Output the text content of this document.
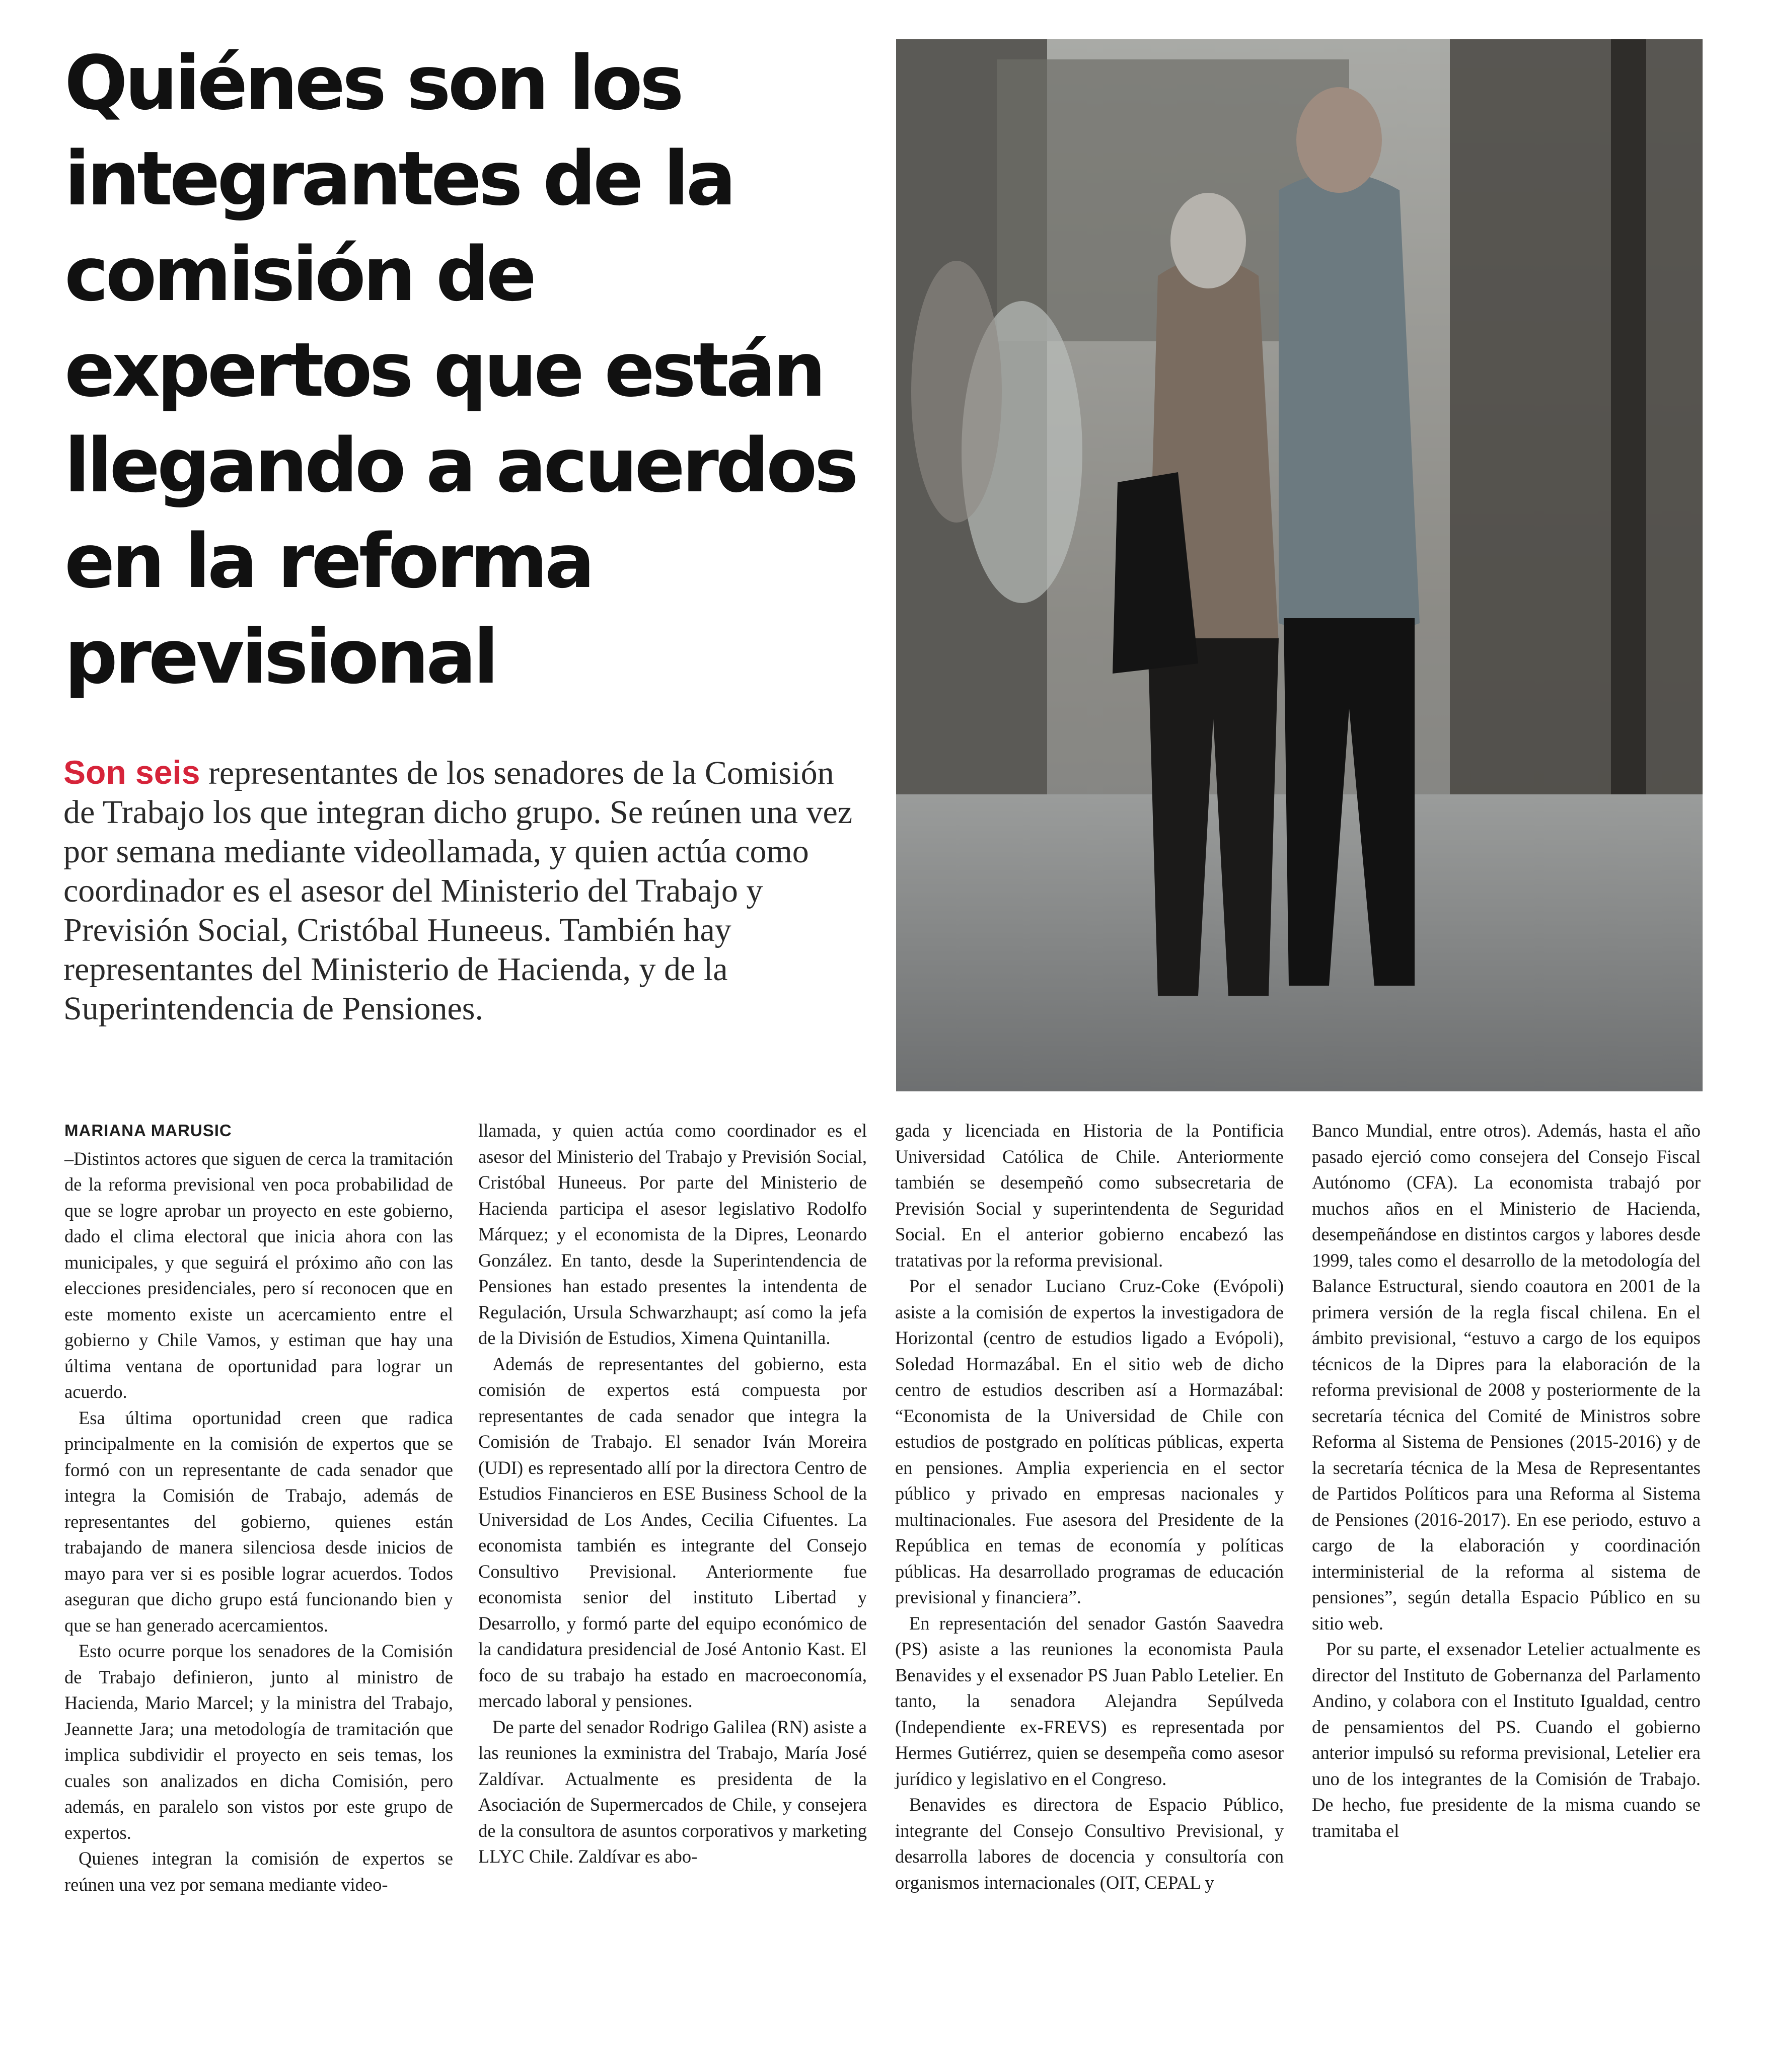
Quiénes son los
integrantes de la
comisión de
expertos que están
llegando a acuerdos
en la reforma
previsional

Son seis representantes de los senadores de la Comisión de Trabajo los que integran dicho grupo. Se reúnen una vez por semana mediante videollamada, y quien actúa como coordinador es el asesor del Ministerio del Trabajo y Previsión Social, Cristóbal Huneeus. También hay representantes del Ministerio de Hacienda, y de la Superintendencia de Pensiones.

MARIANA MARUSIC

–Distintos actores que siguen de cerca la tramitación de la reforma previsional ven poca probabilidad de que se logre aprobar un proyecto en este gobierno, dado el clima electoral que inicia ahora con las municipales, y que seguirá el próximo año con las elecciones presidenciales, pero sí reconocen que en este momento existe un acercamiento entre el gobierno y Chile Vamos, y estiman que hay una última ventana de oportunidad para lograr un acuerdo.

Esa última oportunidad creen que radica principalmente en la comisión de expertos que se formó con un representante de cada senador que integra la Comisión de Trabajo, además de representantes del gobierno, quienes están trabajando de manera silenciosa desde inicios de mayo para ver si es posible lograr acuerdos. Todos aseguran que dicho grupo está funcionando bien y que se han generado acercamientos.

Esto ocurre porque los senadores de la Comisión de Trabajo definieron, junto al ministro de Hacienda, Mario Marcel; y la ministra del Trabajo, Jeannette Jara; una metodología de tramitación que implica subdividir el proyecto en seis temas, los cuales son analizados en dicha Comisión, pero además, en paralelo son vistos por este grupo de expertos.

Quienes integran la comisión de expertos se reúnen una vez por semana mediante video-

llamada, y quien actúa como coordinador es el asesor del Ministerio del Trabajo y Previsión Social, Cristóbal Huneeus. Por parte del Ministerio de Hacienda participa el asesor legislativo Rodolfo Márquez; y el economista de la Dipres, Leonardo González. En tanto, desde la Superintendencia de Pensiones han estado presentes la intendenta de Regulación, Ursula Schwarzhaupt; así como la jefa de la División de Estudios, Ximena Quintanilla.

Además de representantes del gobierno, esta comisión de expertos está compuesta por representantes de cada senador que integra la Comisión de Trabajo. El senador Iván Moreira (UDI) es representado allí por la directora Centro de Estudios Financieros en ESE Business School de la Universidad de Los Andes, Cecilia Cifuentes. La economista también es integrante del Consejo Consultivo Previsional. Anteriormente fue economista senior del instituto Libertad y Desarrollo, y formó parte del equipo económico de la candidatura presidencial de José Antonio Kast. El foco de su trabajo ha estado en macroeconomía, mercado laboral y pensiones.

De parte del senador Rodrigo Galilea (RN) asiste a las reuniones la exministra del Trabajo, María José Zaldívar. Actualmente es presidenta de la Asociación de Supermercados de Chile, y consejera de la consultora de asuntos corporativos y marketing LLYC Chile. Zaldívar es abo-

gada y licenciada en Historia de la Pontificia Universidad Católica de Chile. Anteriormente también se desempeñó como subsecretaria de Previsión Social y superintendenta de Seguridad Social. En el anterior gobierno encabezó las tratativas por la reforma previsional.

Por el senador Luciano Cruz-Coke (Evópoli) asiste a la comisión de expertos la investigadora de Horizontal (centro de estudios ligado a Evópoli), Soledad Hormazábal. En el sitio web de dicho centro de estudios describen así a Hormazábal: “Economista de la Universidad de Chile con estudios de postgrado en políticas públicas, experta en pensiones. Amplia experiencia en el sector público y privado en empresas nacionales y multinacionales. Fue asesora del Presidente de la República en temas de economía y políticas públicas. Ha desarrollado programas de educación previsional y financiera”.

En representación del senador Gastón Saavedra (PS) asiste a las reuniones la economista Paula Benavides y el exsenador PS Juan Pablo Letelier. En tanto, la senadora Alejandra Sepúlveda (Independiente ex-FREVS) es representada por Hermes Gutiérrez, quien se desempeña como asesor jurídico y legislativo en el Congreso.

Benavides es directora de Espacio Público, integrante del Consejo Consultivo Previsional, y desarrolla labores de docencia y consultoría con organismos internacionales (OIT, CEPAL y

Banco Mundial, entre otros). Además, hasta el año pasado ejerció como consejera del Consejo Fiscal Autónomo (CFA). La economista trabajó por muchos años en el Ministerio de Hacienda, desempeñándose en distintos cargos y labores desde 1999, tales como el desarrollo de la metodología del Balance Estructural, siendo coautora en 2001 de la primera versión de la regla fiscal chilena. En el ámbito previsional, “estuvo a cargo de los equipos técnicos de la Dipres para la elaboración de la reforma previsional de 2008 y posteriormente de la secretaría técnica del Comité de Ministros sobre Reforma al Sistema de Pensiones (2015-2016) y de la secretaría técnica de la Mesa de Representantes de Partidos Políticos para una Reforma al Sistema de Pensiones (2016-2017). En ese periodo, estuvo a cargo de la elaboración y coordinación interministerial de la reforma al sistema de pensiones”, según detalla Espacio Público en su sitio web.

Por su parte, el exsenador Letelier actualmente es director del Instituto de Gobernanza del Parlamento Andino, y colabora con el Instituto Igualdad, centro de pensamientos del PS. Cuando el gobierno anterior impulsó su reforma previsional, Letelier era uno de los integrantes de la Comisión de Trabajo. De hecho, fue presidente de la misma cuando se tramitaba el
